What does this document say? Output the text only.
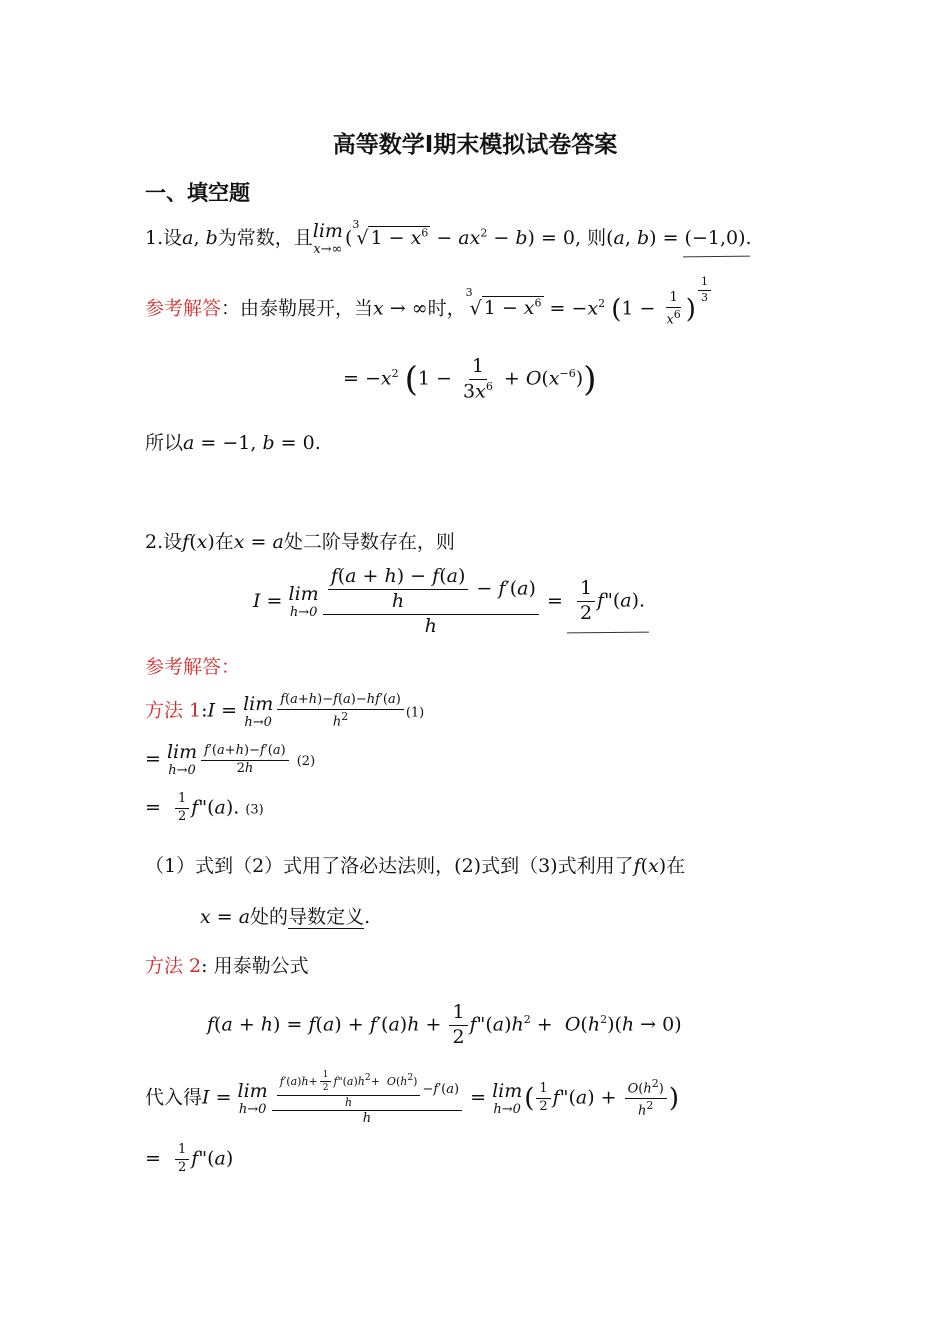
高等数学Ⅰ期末模拟试卷答案
一、填空题
1.设a, b为常数，且 lim
x→∞
($^3$√ $1 - x^6 - ax^2 - b) = 0$, 则(a, b) = (−1,0)
.
参考解答：由泰勒展开，当x → ∞时，$^3$√ $1 - x^6 = -x^2$ ($1 - \frac{1}{x^6}$ )
$^{\frac{1}{3}}$
= $-x^2$ $(1 - \frac{1}{3x^6} + O(x^{-6}))$
所以a = −1, b = 0.
2.设f(x)在x = a处二阶导数存在，则
I = lim
$h\to 0 \frac{\frac{f(a + h) - f(a)}{h} - f'(a)}{h} = \frac{1}{2}$ f"(a).
参考解答：
方法 1:I = lim
$h\to 0 \frac{f(a+h)-f(a)-hf'(a)}{h^2} (1)$
= lim
$h\to 0 \frac{f'(a+h)-f'(a)}{2h} (2)$
= $\frac{1}{2}$ f"(a). (3)
（1）式到（2）式用了洛必达法则，(2)式到（3)式利用了f(x)在
x = a处的导数定义.
方法 2: 用泰勒公式
$f(a + h) = f(a) + f'(a)h + \frac{1}{2}$ $f"(a)h^2 + O(h^2)(h \to 0)$
代入得I = lim
$h\to 0 \frac{\frac{f'(a)h+ \frac{1}{2} f"(a)h^2+ O(h^2)}{h} -f'(a)}{h} = \lim$
h→0 ( $\frac{1}{2}$ f"(a) + $\frac{O(h^2)}{h^2}$ )
= $\frac{1}{2}$ f"(a)
